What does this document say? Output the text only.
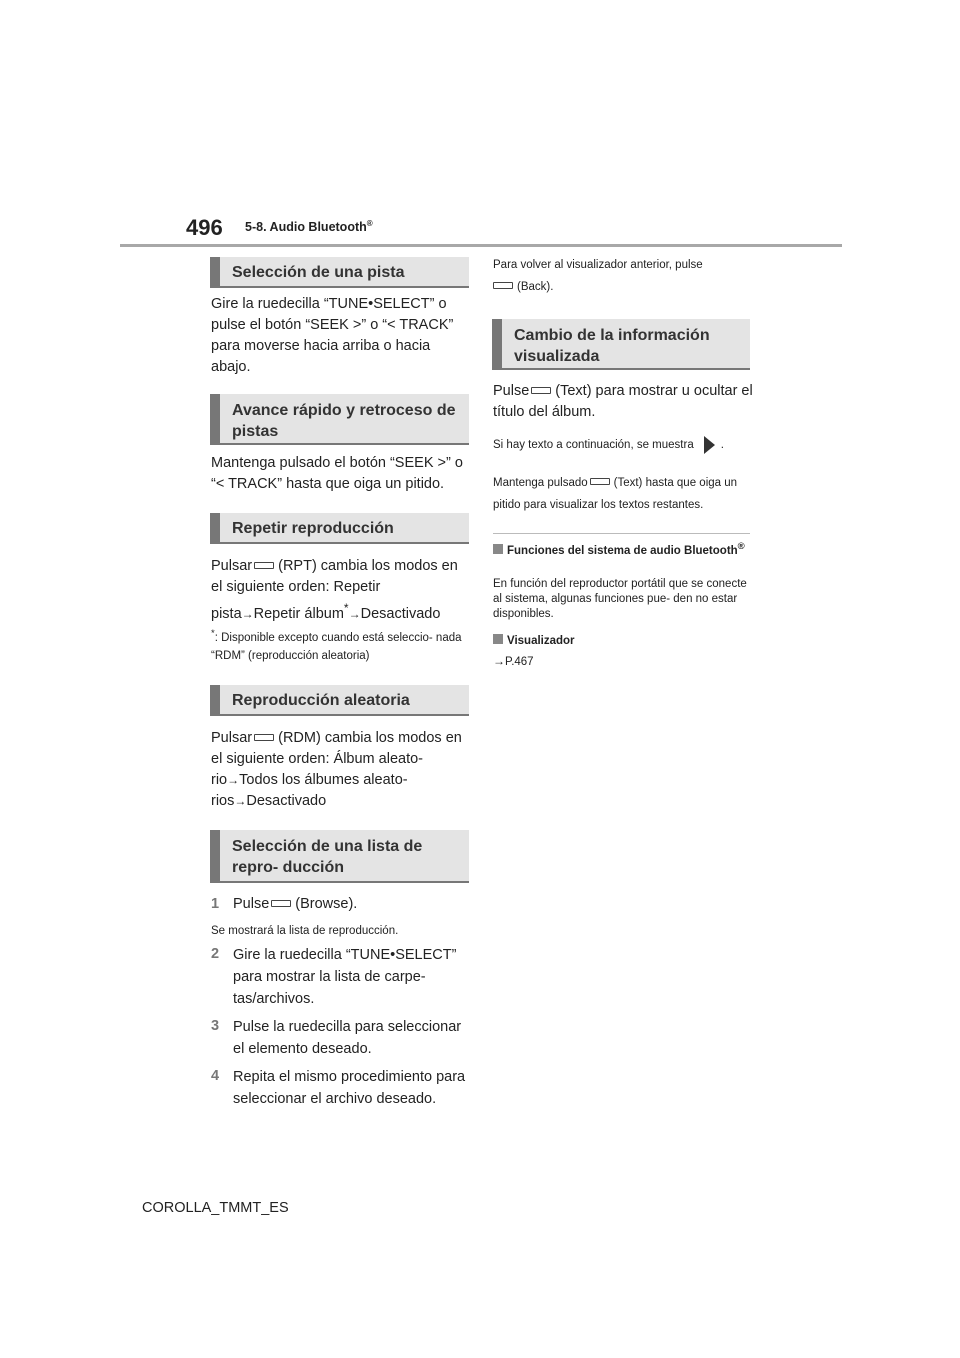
496 5-8. Audio Bluetooth®
Selección de una pista
Gire la ruedecilla “TUNE•SELECT” o pulse el botón “SEEK >” o “< TRACK” para moverse hacia arriba o hacia abajo.
Avance rápido y retroceso de pistas
Mantenga pulsado el botón “SEEK >” o “< TRACK” hasta que oiga un pitido.
Repetir reproducción
Pulsar (RPT) cambia los modos en el siguiente orden: Repetir pista→Repetir álbum*→Desactivado
*: Disponible excepto cuando está seleccio- nada “RDM” (reproducción aleatoria)
Reproducción aleatoria
Pulsar (RDM) cambia los modos en el siguiente orden: Álbum aleato- rio→Todos los álbumes aleato- rios→Desactivado
Selección de una lista de repro- ducción
1 Pulse (Browse).
Se mostrará la lista de reproducción.
2 Gire la ruedecilla “TUNE•SELECT” para mostrar la lista de carpe- tas/archivos.
3 Pulse la ruedecilla para seleccionar el elemento deseado.
4 Repita el mismo procedimiento para seleccionar el archivo deseado.
Para volver al visualizador anterior, pulse
(Back).
Cambio de la información visualizada
Pulse (Text) para mostrar u ocultar el título del álbum.
Si hay texto a continuación, se muestra .
Mantenga pulsado (Text) hasta que oiga un pitido para visualizar los textos restantes.
Funciones del sistema de audio Bluetooth®
En función del reproductor portátil que se conecte al sistema, algunas funciones pue- den no estar disponibles.
Visualizador
→P.467
COROLLA_TMMT_ES
